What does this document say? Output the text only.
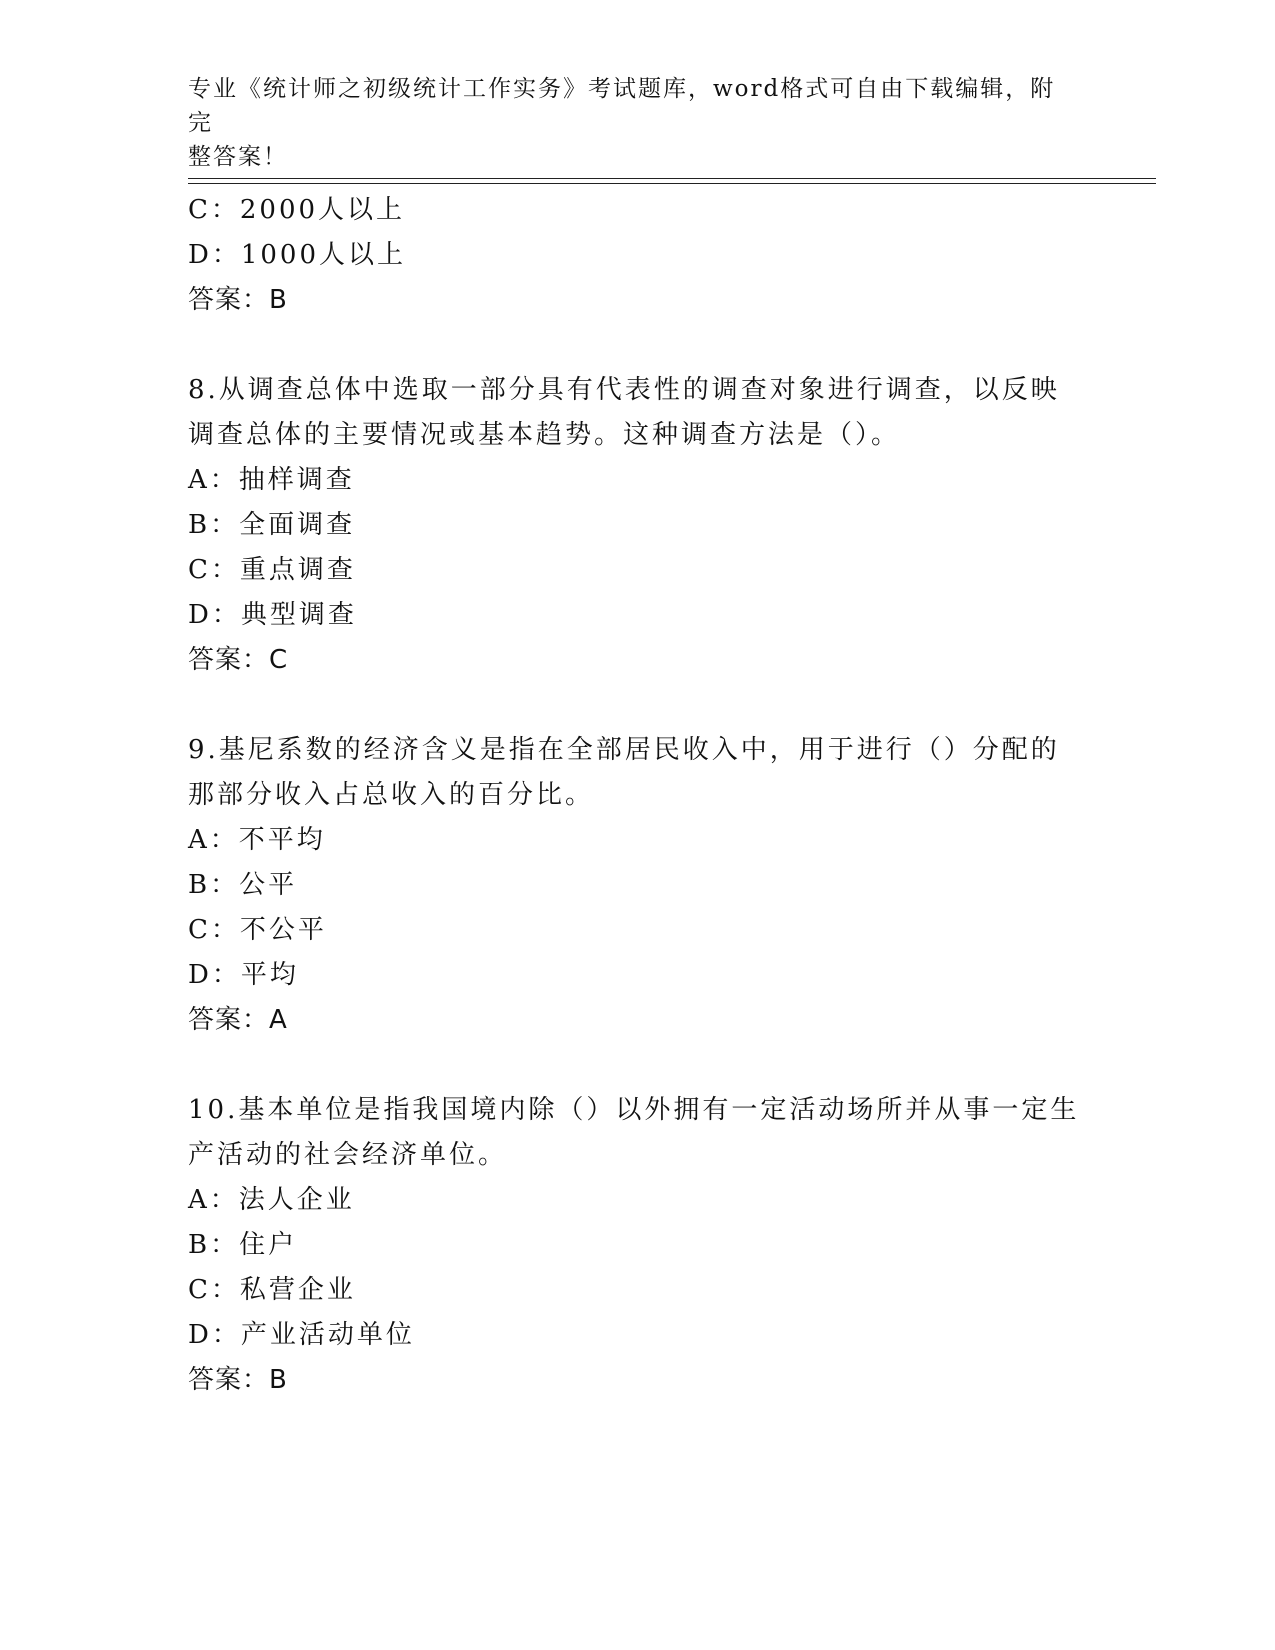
专业《统计师之初级统计工作实务》考试题库，word格式可自由下载编辑，附完
整答案！
C：2000人以上
D：1000人以上
答案：B
8.从调查总体中选取一部分具有代表性的调查对象进行调查，以反映
调查总体的主要情况或基本趋势。这种调查方法是（）。
A：抽样调查
B：全面调查
C：重点调查
D：典型调查
答案：C
9.基尼系数的经济含义是指在全部居民收入中，用于进行（）分配的
那部分收入占总收入的百分比。
A：不平均
B：公平
C：不公平
D：平均
答案：A
10.基本单位是指我国境内除（）以外拥有一定活动场所并从事一定生
产活动的社会经济单位。
A：法人企业
B：住户
C：私营企业
D：产业活动单位
答案：B
